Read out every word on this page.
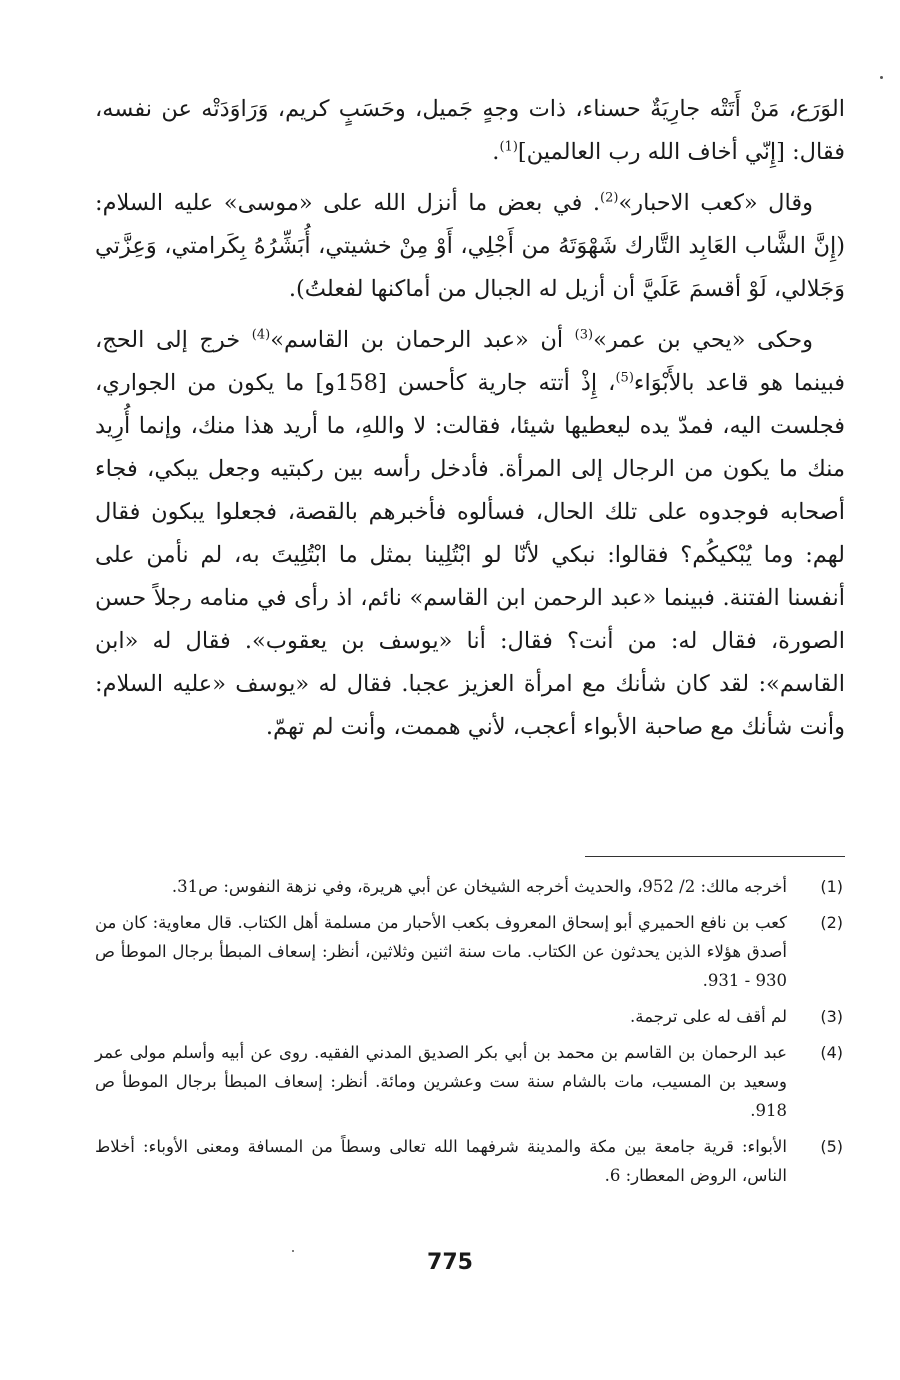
الوَرَع، مَنْ أَتَتْه جارِيَةٌ حسناء، ذات وجهٍ جَميل، وحَسَبٍ كريم، وَرَاوَدَتْه عن نفسه، فقال: [إِنّي أخاف الله رب العالمين]$^{(1)}$.

وقال «كعب الاحبار»$^{(2)}$. في بعض ما أنزل الله على «موسى» عليه السلام: (إِنَّ الشَّاب العَابِد التَّارك شَهْوَتَهُ من أَجْلِي، أَوْ مِنْ خشيتي، أُبَشِّرُهُ بِكَرامتي، وَعِزَّتي وَجَلالي، لَوْ أقسمَ عَلَيَّ أن أزيل له الجبال من أماكنها لفعلتُ).

وحكى «يحي بن عمر»$^{(3)}$ أن «عبد الرحمان بن القاسم»$^{(4)}$ خرج إلى الحج، فبينما هو قاعد بالأَبْوَاء$^{(5)}$، إِذْ أتته جارية كأحسن [158و] ما يكون من الجواري، فجلست اليه، فمدّ يده ليعطيها شيئا، فقالت: لا واللهِ، ما أريد هذا منك، وإنما أُرِيد منك ما يكون من الرجال إلى المرأة. فأدخل رأسه بين ركبتيه وجعل يبكي، فجاء أصحابه فوجدوه على تلك الحال، فسألوه فأخبرهم بالقصة، فجعلوا يبكون فقال لهم: وما يُبْكيكُم؟ فقالوا: نبكي لأنّا لو ابْتُلِينا بمثل ما ابْتُلِيتَ به، لم نأمن على أنفسنا الفتنة. فبينما «عبد الرحمن ابن القاسم» نائم، اذ رأى في منامه رجلاً حسن الصورة، فقال له: من أنت؟ فقال: أنا «يوسف بن يعقوب». فقال له «ابن القاسم»: لقد كان شأنك مع امرأة العزيز عجبا. فقال له «يوسف «عليه السلام: وأنت شأنك مع صاحبة الأبواء أعجب، لأني هممت، وأنت لم تهمّ.

(1)
أخرجه مالك: 2/ 952، والحديث أخرجه الشيخان عن أبي هريرة، وفي نزهة النفوس: ص31.
(2)
كعب بن نافع الحميري أبو إسحاق المعروف بكعب الأحبار من مسلمة أهل الكتاب. قال معاوية: كان من أصدق هؤلاء الذين يحدثون عن الكتاب. مات سنة اثنين وثلاثين، أنظر: إسعاف المبطأ برجال الموطأ ص 930 - 931.
(3)
لم أقف له على ترجمة.
(4)
عبد الرحمان بن القاسم بن محمد بن أبي بكر الصديق المدني الفقيه. روى عن أبيه وأسلم مولى عمر وسعيد بن المسيب، مات بالشام سنة ست وعشرين ومائة. أنظر: إسعاف المبطأ برجال الموطأ ص 918.
(5)
الأبواء: قرية جامعة بين مكة والمدينة شرفهما الله تعالى وسطاً من المسافة ومعنى الأوباء: أخلاط الناس، الروض المعطار: 6.
775
